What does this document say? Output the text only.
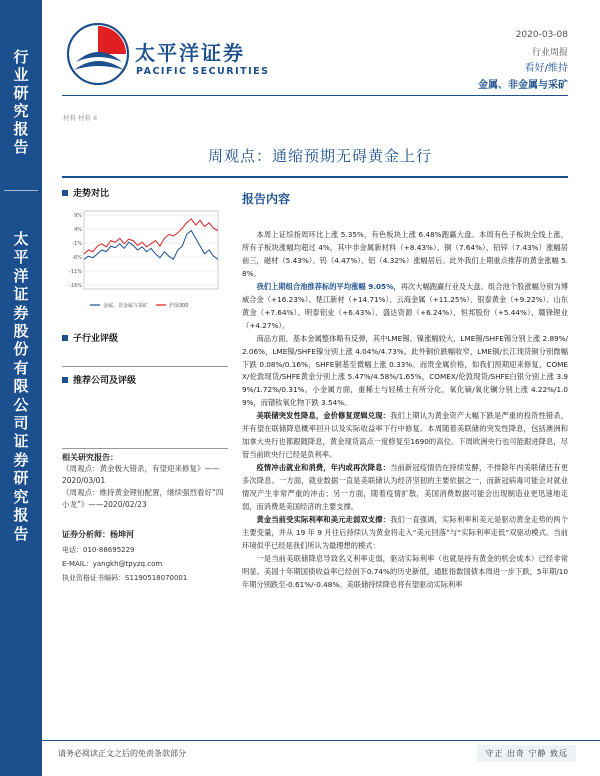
行
业
研
究
报
告
太
平
洋
证
券
股
份
有
限
公
司
证
券
研
究
报
告
太平洋证券
PACIFIC SECURITIES
2020-03-08
行业周报
看好/维持
金属、非金属与采矿
材料 材料 II
周观点：通缩预期无碍黄金上行
走势对比
9%
4%
-1%
-6%
-11%
-16%
金属、非金属与采矿	沪深300
子行业评级
推荐公司及评级
相关研究报告：
《周观点：黄金极大错杀，有望迎来修复》——2020/03/01
《周观点：维持黄金锂铂配置，继续强烈看好“四小龙”》——2020/02/23
证券分析师：杨坤河
电话：010-88695229
E-MAIL：yangkh@tpyzq.com
执业资格证书编码：S1190518070001
报告内容

本周上证综指周环比上涨 5.35%，有色板块上涨 6.48%跑赢大盘。本周有色子板块全线上涨，所有子板块涨幅均超过 4%，其中非金属新材料（+8.43%）、铜（7.64%）、铅锌（7.43%）涨幅居前三，磁材（5.43%）、钨（4.47%）、铝（4.32%）涨幅居后。此外我们上期重点推荐的黄金涨幅 5.8%。

我们上期组合池推荐标的平均涨幅 9.05%，再次大幅跑赢行业及大盘。组合池个股涨幅分别为博威合金（+16.23%）、楚江新材（+14.71%）、云海金属（+11.25%）、银泰黄金（+9.22%）、山东黄金（+7.64%）、明泰铝业（+6.43%）、盛达资源（+6.24%）、恒邦股份（+5.44%）、赣锋锂业（+4.27%）。

商品方面，基本金属整体略有反弹，其中LME锡、镍涨幅较大，LME锡/SHFE锡分别上涨 2.89%/2.06%，LME镍/SHFE镍分别上涨 4.04%/4.73%。此外铜价跌幅收窄，LME铜/长江现货铜分别微幅下跌 0.08%/0.16%，SHFE铜基至微幅上涨 0.33%。而贵金属价格，如我们预期迎来修复，COMEX/伦敦现货/SHFE黄金分别上涨 5.47%/4.58%/1.65%，COMEX/伦敦现货/SHFE白银分别上涨 3.99%/1.72%/0.31%。小金属方面，重稀土与轻稀土有所分化，氧化镝/氧化镧分别上涨 4.22%/1.09%，而镨钕氧化物下跌 3.54%。

美联储突发性降息，金价修复逻辑兑现：我们上期认为黄金资产大幅下跌是严重的投资性错杀，并有望在联储降息概率回升以及实际收益率下行中修复。本周随着美联储的突发性降息，包括澳洲和加拿大央行也都跟随降息，黄金现货高点一度修复至1690的高位。下周欧洲央行也可能跟进降息，尽管当前欧央行已经是负利率。

疫情冲击就业和消费，年内或再次降息：当前新冠疫情仍在持续发酵，不排除年内美联储还有更多次降息。一方面，就业数据一直是美联储认为经济坚韧的主要依据之一，而新冠病毒可能会对就业情况产生非常严重的冲击；另一方面，随着疫情扩散，美国消费数据可能会出现制造业更迅速地走弱，而消费是美国经济的主要支撑。

黄金当前受实际利率和美元走弱双支撑：我们一直强调，实际利率和美元是驱动黄金走势的两个主要变量，并从 19 年 9 月往后持续认为黄金将走入“美元回落”与“实际利率走低”双驱动模式。当前环境似乎已经是我们所认为最理想的模式：

一是当前美联储降息导致名义利率走弱，驱动实际利率（也就是持有黄金的机会成本）已经非常明显。美国十年期国债收益率已经创下0.74%的历史新低，通胀指数国债本周进一步下跌，5年期/10年期分别跌至-0.61%/-0.48%。美联储持续降息将有望驱动实际利率

请务必阅读正文之后的免责条款部分	守正 出奇 宁静 致远
